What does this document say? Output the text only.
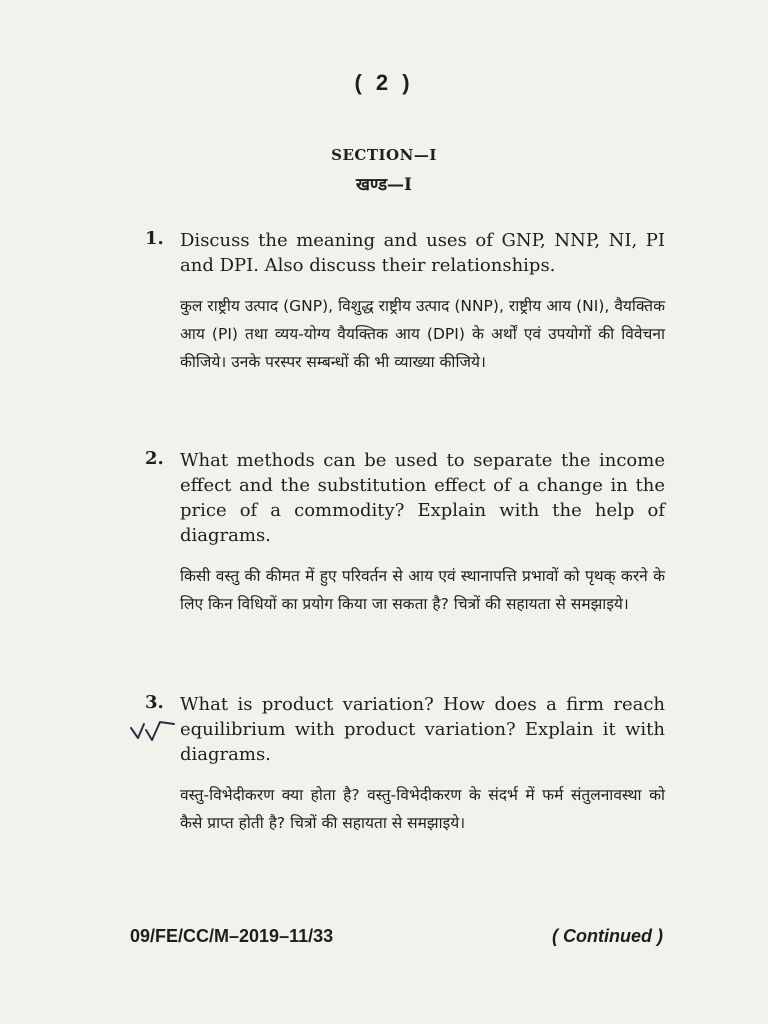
( 2 )
SECTION—I
खण्ड—I
1. Discuss the meaning and uses of GNP, NNP, NI, PI and DPI. Also discuss their relationships.
कुल राष्ट्रीय उत्पाद (GNP), विशुद्ध राष्ट्रीय उत्पाद (NNP), राष्ट्रीय आय (NI), वैयक्तिक आय (PI) तथा व्यय-योग्य वैयक्तिक आय (DPI) के अर्थों एवं उपयोगों की विवेचना कीजिये। उनके परस्पर सम्बन्धों की भी व्याख्या कीजिये।
2. What methods can be used to separate the income effect and the substitution effect of a change in the price of a commodity? Explain with the help of diagrams.
किसी वस्तु की कीमत में हुए परिवर्तन से आय एवं स्थानापत्ति प्रभावों को पृथक् करने के लिए किन विधियों का प्रयोग किया जा सकता है? चित्रों की सहायता से समझाइये।
3. What is product variation? How does a firm reach equilibrium with product variation? Explain it with diagrams.
वस्तु-विभेदीकरण क्या होता है? वस्तु-विभेदीकरण के संदर्भ में फर्म संतुलनावस्था को कैसे प्राप्त होती है? चित्रों की सहायता से समझाइये।
09/FE/CC/M–2019–11/33	( Continued )
